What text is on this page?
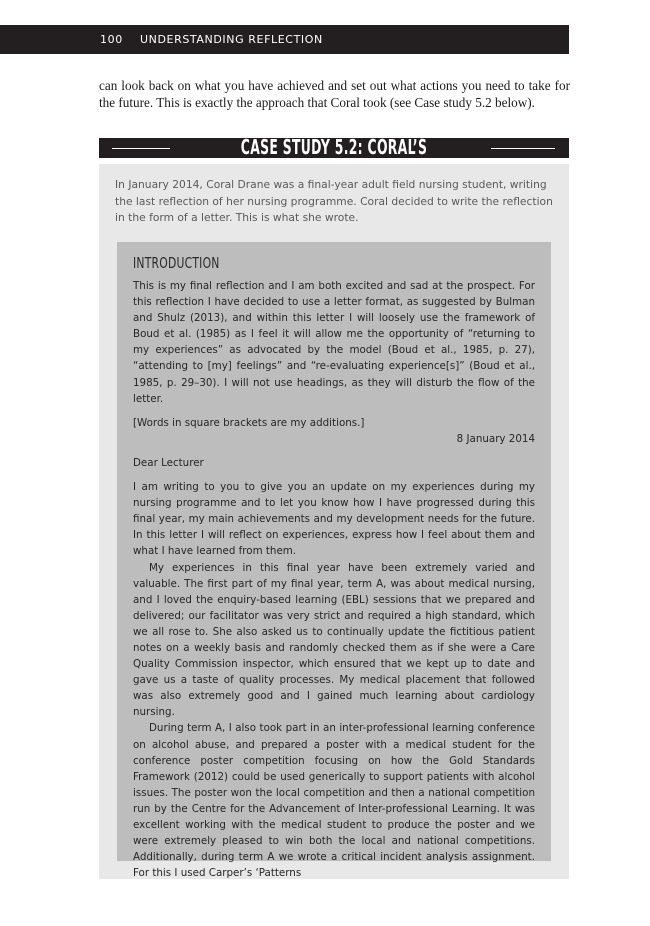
100 UNDERSTANDING REFLECTION

can look back on what you have achieved and set out what actions you need to take for the future. This is exactly the approach that Coral took (see Case study 5.2 below).

CASE STUDY 5.2: CORAL’S

In January 2014, Coral Drane was a final-year adult field nursing student, writing the last reflection of her nursing programme. Coral decided to write the reflection in the form of a letter. This is what she wrote.

INTRODUCTION

This is my final reflection and I am both excited and sad at the prospect. For this reflection I have decided to use a letter format, as suggested by Bulman and Shulz (2013), and within this letter I will loosely use the framework of Boud et al. (1985) as I feel it will allow me the opportunity of “returning to my experiences” as advocated by the model (Boud et al., 1985, p. 27), “attending to [my] feelings” and “re-evaluating experience[s]” (Boud et al., 1985, p. 29–30). I will not use headings, as they will disturb the flow of the letter.

[Words in square brackets are my additions.]

8 January 2014

Dear Lecturer

I am writing to you to give you an update on my experiences during my nursing programme and to let you know how I have progressed during this final year, my main achievements and my development needs for the future. In this letter I will reflect on experiences, express how I feel about them and what I have learned from them.

My experiences in this final year have been extremely varied and valuable. The first part of my final year, term A, was about medical nursing, and I loved the enquiry-based learning (EBL) sessions that we prepared and delivered; our facilitator was very strict and required a high standard, which we all rose to. She also asked us to continually update the fictitious patient notes on a weekly basis and randomly checked them as if she were a Care Quality Commission inspector, which ensured that we kept up to date and gave us a taste of quality processes. My medical placement that followed was also extremely good and I gained much learning about cardiology nursing.

During term A, I also took part in an inter-professional learning conference on alcohol abuse, and prepared a poster with a medical student for the conference poster competition focusing on how the Gold Standards Framework (2012) could be used generically to support patients with alcohol issues. The poster won the local competition and then a national competition run by the Centre for the Advancement of Inter-professional Learning. It was excellent working with the medical student to produce the poster and we were extremely pleased to win both the local and national competitions. Additionally, during term A we wrote a critical incident analysis assignment. For this I used Carper’s ‘Patterns
